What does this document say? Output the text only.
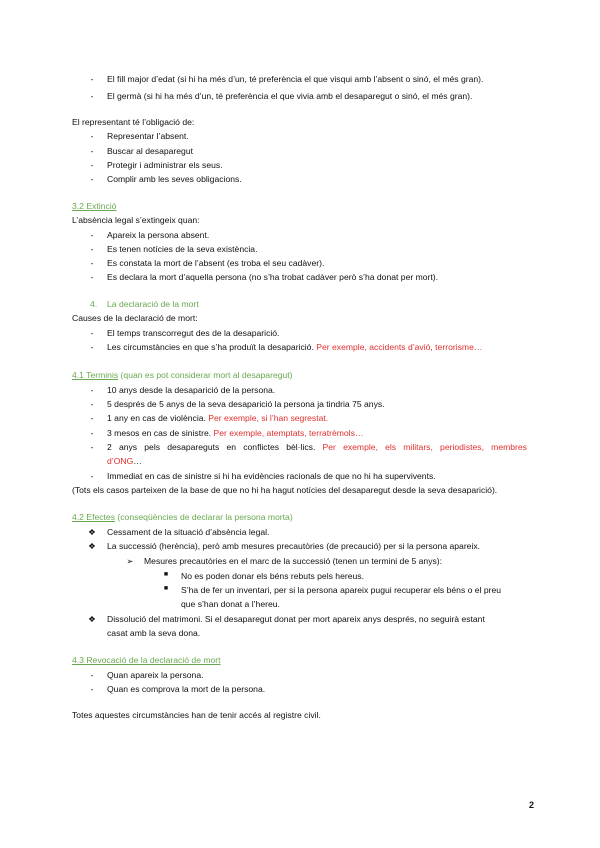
- El fill major d’edat (si hi ha més d’un, té preferència el que visqui amb l’absent o sinó, el més gran).
- El germà (si hi ha més d’un, té preferència el que vivia amb el desaparegut o sinó, el més gran).
El representant té l’obligació de:
- Representar l’absent.
- Buscar al desaparegut
- Protegir i administrar els seus.
- Complir amb les seves obligacions.
3.2 Extinció
L’absència legal s’extingeix quan:
- Apareix la persona absent.
- Es tenen notícies de la seva existència.
- Es constata la mort de l’absent (es troba el seu cadàver).
- Es declara la mort d’aquella persona (no s’ha trobat cadàver però s’ha donat per mort).
4. La declaració de la mort
Causes de la declaració de mort:
- El temps transcorregut des de la desaparició.
- Les circumstàncies en que s’ha produït la desaparició. Per exemple, accidents d’avió, terrorisme…
4.1 Terminis (quan es pot considerar mort al desaparegut)
- 10 anys desde la desaparició de la persona.
- 5 després de 5 anys de la seva desaparició la persona ja tindria 75 anys.
- 1 any en cas de violència. Per exemple, si l’han segrestat.
- 3 mesos en cas de sinistre. Per exemple, atemptats, terratrèmols…
- 2 anys pels desapareguts en conflictes bèl·lics. Per exemple, els militars, periodistes, membres
d’ONG…
- Immediat en cas de sinistre si hi ha evidències racionals de que no hi ha supervivents.
(Tots els casos parteixen de la base de que no hi ha hagut notícies del desaparegut desde la seva desaparició).
4.2 Efectes (conseqüències de declarar la persona morta)
❖ Cessament de la situació d’absència legal.
❖ La successió (herència), però amb mesures precautòries (de precaució) per si la persona apareix.
➢ Mesures precautòries en el marc de la successió (tenen un termini de 5 anys):
■ No es poden donar els béns rebuts pels hereus.
■ S’ha de fer un inventari, per si la persona apareix pugui recuperar els béns o el preu
que s’han donat a l’hereu.
❖ Dissolució del matrimoni. Si el desaparegut donat per mort apareix anys després, no seguirà estant
casat amb la seva dona.
4.3 Revocació de la declaració de mort
- Quan apareix la persona.
- Quan es comprova la mort de la persona.
Totes aquestes circumstàncies han de tenir accés al registre civil.
2
